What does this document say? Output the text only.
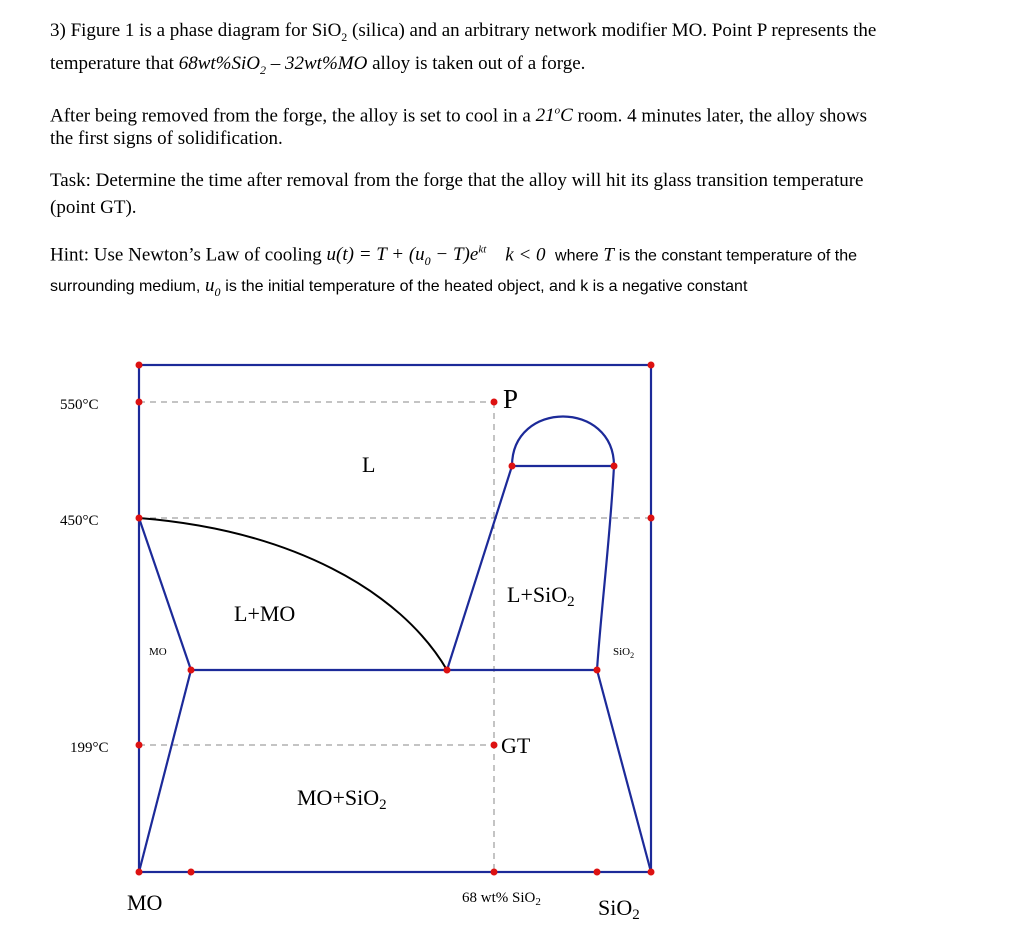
3) Figure 1 is a phase diagram for SiO$_2$ (silica) and an arbitrary network modifier MO. Point P represents the

temperature that 68wt%SiO$_2$ – 32wt%MO alloy is taken out of a forge.

After being removed from the forge, the alloy is set to cool in a 21$^o$C room. 4 minutes later, the alloy shows

the first signs of solidification.

Task: Determine the time after removal from the forge that the alloy will hit its glass transition temperature

(point GT).

Hint: Use Newton’s Law of cooling $u(t) = T + (u_0 - T)e^{kt}$ k < 0 where T is the constant temperature of the

surrounding medium, $u_0$ is the initial temperature of the heated object, and k is a negative constant

550°C
450°C
199°C
P
GT
L
L+MO
L+SiO2
MO+SiO2
MO	SiO$_2$
MO	68 wt% SiO$_2$	SiO2
